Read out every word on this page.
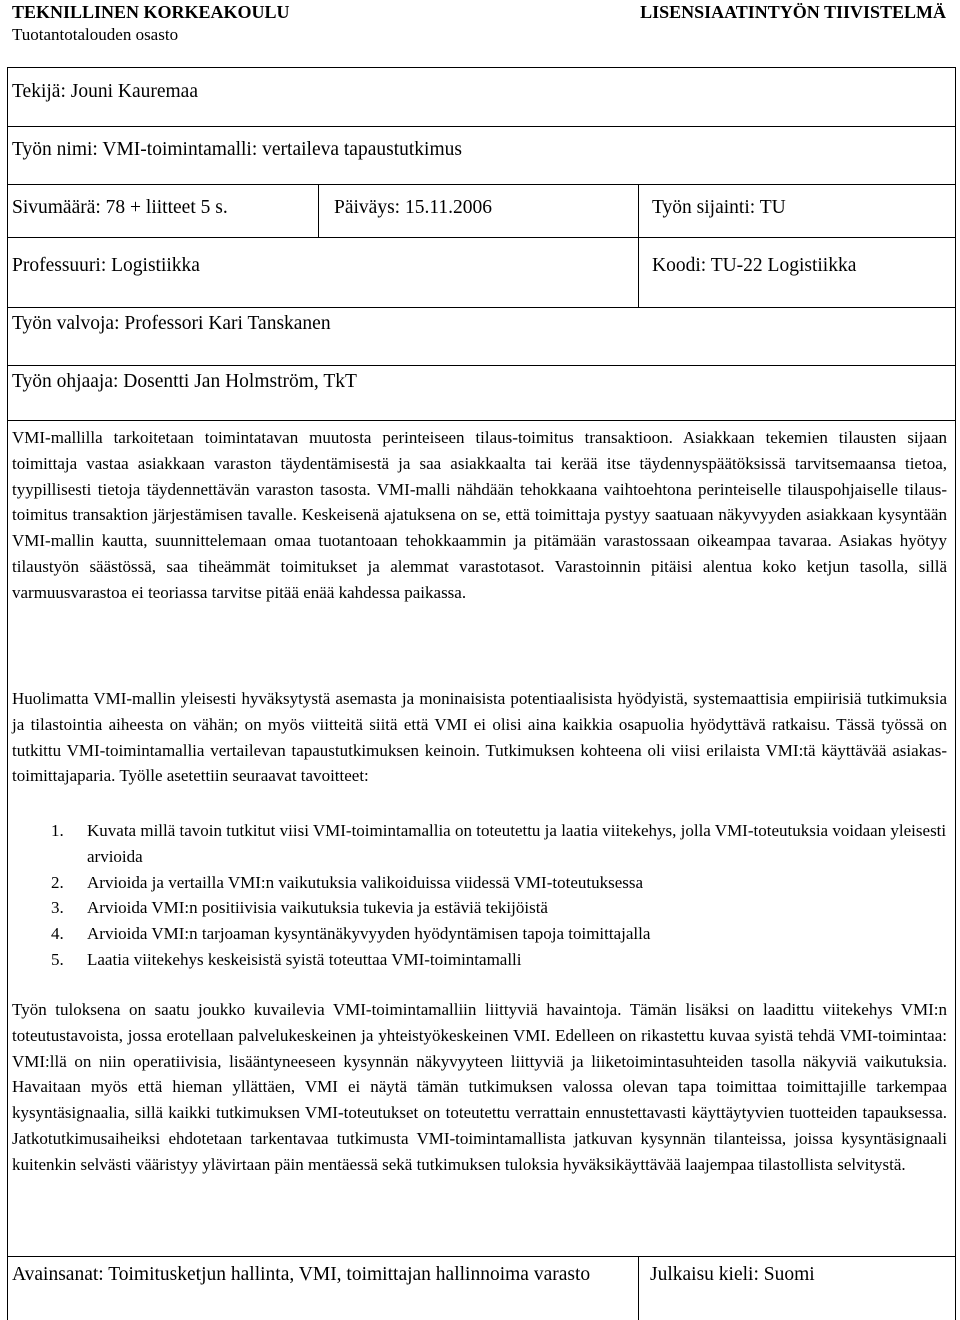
TEKNILLINEN KORKEAKOULU
Tuotantotalouden osasto
LISENSIAATINTYÖN TIIVISTELMÄ
Tekijä: Jouni Kauremaa
Työn nimi: VMI-toimintamalli: vertaileva tapaustutkimus
Sivumäärä: 78 + liitteet 5 s.	Päiväys: 15.11.2006	Työn sijainti: TU
Professuuri: Logistiikka	Koodi: TU-22 Logistiikka
Työn valvoja: Professori Kari Tanskanen
Työn ohjaaja: Dosentti Jan Holmström, TkT

VMI-mallilla tarkoitetaan toimintatavan muutosta perinteiseen tilaus-toimitus transaktioon. Asiakkaan tekemien tilausten sijaan toimittaja vastaa asiakkaan varaston täydentämisestä ja saa asiakkaalta tai kerää itse täydennyspäätöksissä tarvitsemaansa tietoa, tyypillisesti tietoja täydennettävän varaston tasosta. VMI-malli nähdään tehokkaana vaihtoehtona perinteiselle tilauspohjaiselle tilaus-toimitus transaktion järjestämisen tavalle. Keskeisenä ajatuksena on se, että toimittaja pystyy saatuaan näkyvyyden asiakkaan kysyntään VMI-mallin kautta, suunnittelemaan omaa tuotantoaan tehokkaammin ja pitämään varastossaan oikeampaa tavaraa. Asiakas hyötyy tilaustyön säästössä, saa tiheämmät toimitukset ja alemmat varastotasot. Varastoinnin pitäisi alentua koko ketjun tasolla, sillä varmuusvarastoa ei teoriassa tarvitse pitää enää kahdessa paikassa.

Huolimatta VMI-mallin yleisesti hyväksytystä asemasta ja moninaisista potentiaalisista hyödyistä, systemaattisia empiirisiä tutkimuksia ja tilastointia aiheesta on vähän; on myös viitteitä siitä että VMI ei olisi aina kaikkia osapuolia hyödyttävä ratkaisu. Tässä työssä on tutkittu VMI-toimintamallia vertailevan tapaustutkimuksen keinoin. Tutkimuksen kohteena oli viisi erilaista VMI:tä käyttävää asiakas-toimittajaparia. Työlle asetettiin seuraavat tavoitteet:

1. Kuvata millä tavoin tutkitut viisi VMI-toimintamallia on toteutettu ja laatia viitekehys, jolla VMI-toteutuksia voidaan yleisesti arvioida
2. Arvioida ja vertailla VMI:n vaikutuksia valikoiduissa viidessä VMI-toteutuksessa
3. Arvioida VMI:n positiivisia vaikutuksia tukevia ja estäviä tekijöistä
4. Arvioida VMI:n tarjoaman kysyntänäkyvyyden hyödyntämisen tapoja toimittajalla
5. Laatia viitekehys keskeisistä syistä toteuttaa VMI-toimintamalli

Työn tuloksena on saatu joukko kuvailevia VMI-toimintamalliin liittyviä havaintoja. Tämän lisäksi on laadittu viitekehys VMI:n toteutustavoista, jossa erotellaan palvelukeskeinen ja yhteistyökeskeinen VMI. Edelleen on rikastettu kuvaa syistä tehdä VMI-toimintaa: VMI:llä on niin operatiivisia, lisääntyneeseen kysynnän näkyvyyteen liittyviä ja liiketoimintasuhteiden tasolla näkyviä vaikutuksia. Havaitaan myös että hieman yllättäen, VMI ei näytä tämän tutkimuksen valossa olevan tapa toimittaa toimittajille tarkempaa kysyntäsignaalia, sillä kaikki tutkimuksen VMI-toteutukset on toteutettu verrattain ennustettavasti käyttäytyvien tuotteiden tapauksessa. Jatkotutkimusaiheiksi ehdotetaan tarkentavaa tutkimusta VMI-toimintamallista jatkuvan kysynnän tilanteissa, joissa kysyntäsignaali kuitenkin selvästi vääristyy ylävirtaan päin mentäessä sekä tutkimuksen tuloksia hyväksikäyttävää laajempaa tilastollista selvitystä.

Avainsanat: Toimitusketjun hallinta, VMI, toimittajan hallinnoima varasto	Julkaisu kieli: Suomi
